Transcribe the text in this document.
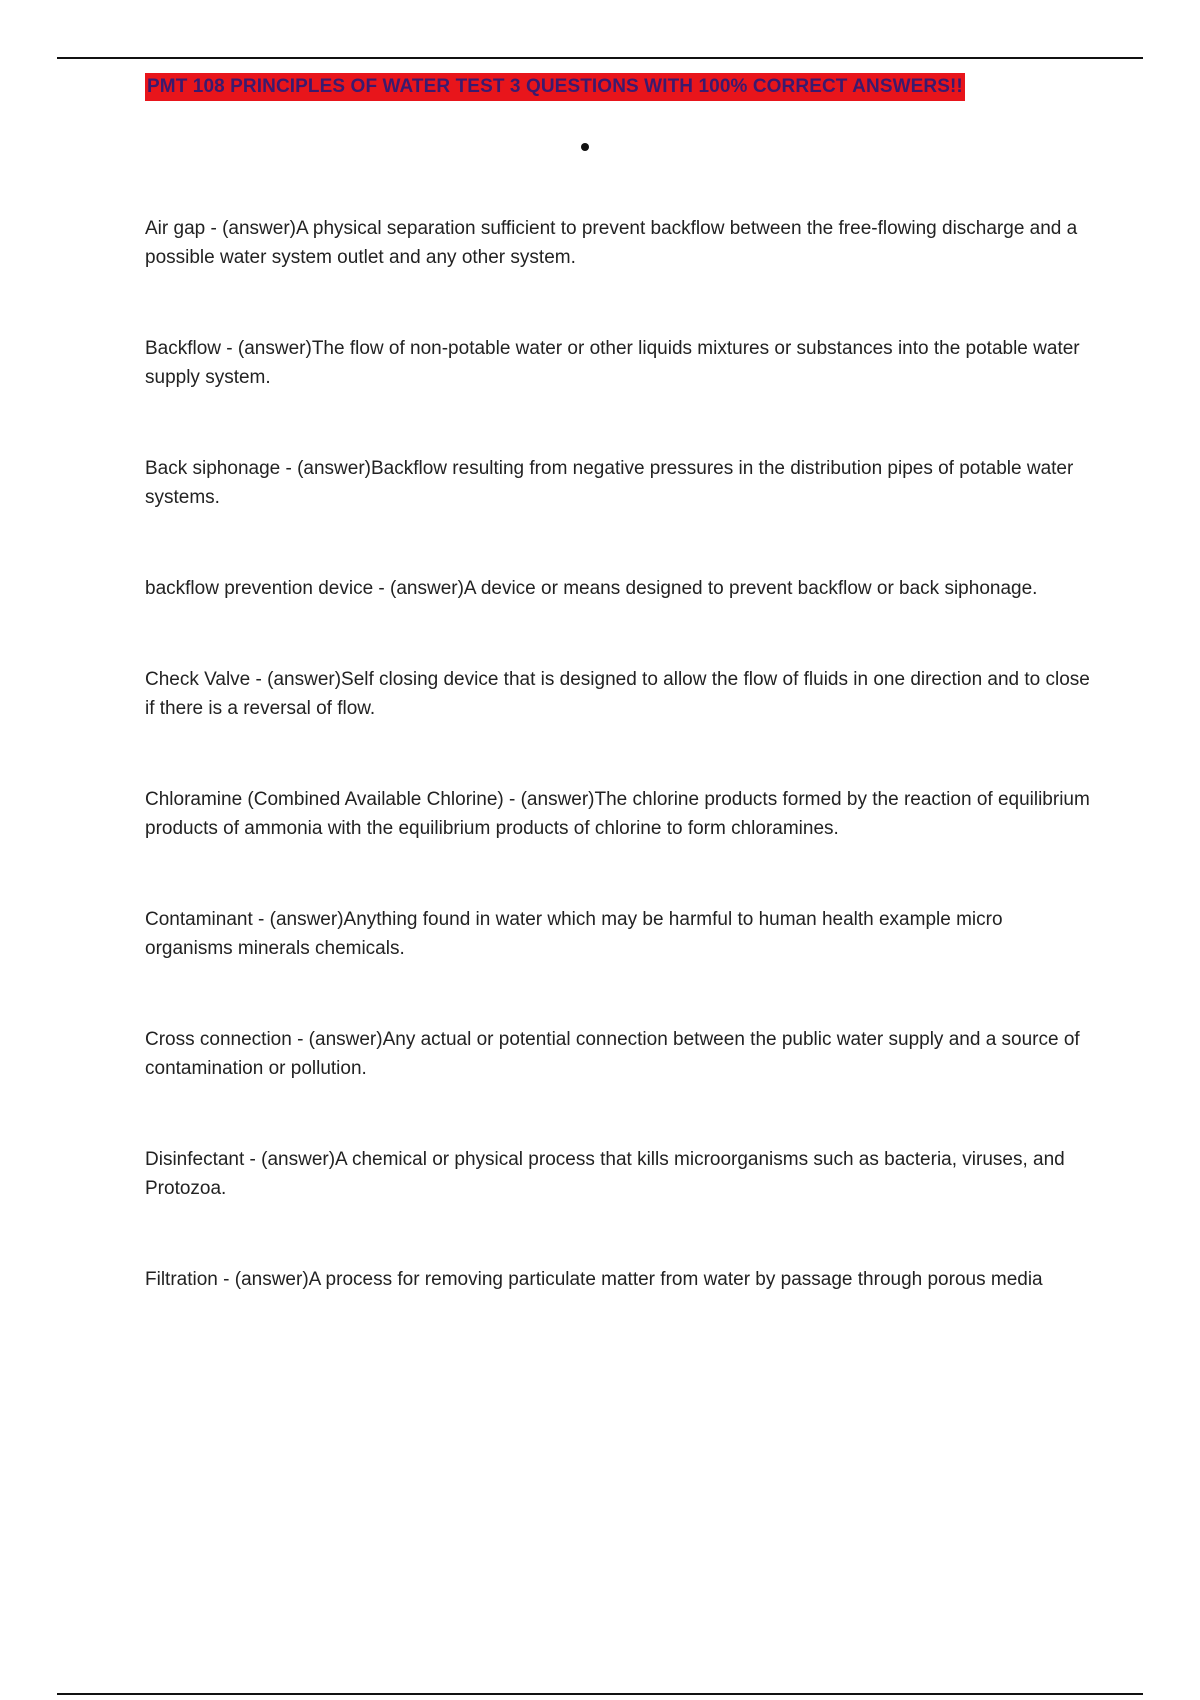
PMT 108 PRINCIPLES OF WATER TEST 3 QUESTIONS WITH 100% CORRECT ANSWERS!!
Air gap - (answer)A physical separation sufficient to prevent backflow between the free-flowing discharge and a possible water system outlet and any other system.
Backflow - (answer)The flow of non-potable water or other liquids mixtures or substances into the potable water supply system.
Back siphonage - (answer)Backflow resulting from negative pressures in the distribution pipes of potable water systems.
backflow prevention device - (answer)A device or means designed to prevent backflow or back siphonage.
Check Valve - (answer)Self closing device that is designed to allow the flow of fluids in one direction and to close if there is a reversal of flow.
Chloramine (Combined Available Chlorine) - (answer)The chlorine products formed by the reaction of equilibrium products of ammonia with the equilibrium products of chlorine to form chloramines.
Contaminant - (answer)Anything found in water which may be harmful to human health example micro organisms minerals chemicals.
Cross connection - (answer)Any actual or potential connection between the public water supply and a source of contamination or pollution.
Disinfectant - (answer)A chemical or physical process that kills microorganisms such as bacteria, viruses, and Protozoa.
Filtration - (answer)A process for removing particulate matter from water by passage through porous media
